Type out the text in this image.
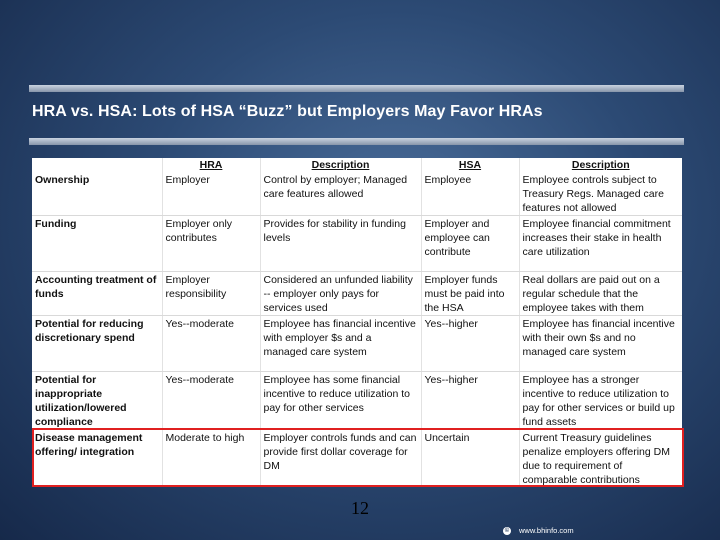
HRA vs. HSA: Lots of HSA “Buzz” but Employers May Favor HRAs
	HRA	Description	HSA	Description
Ownership	Employer	Control by employer; Managed care features allowed	Employee	Employee controls subject to Treasury Regs. Managed care features not allowed
Funding	Employer only contributes	Provides for stability in funding levels	Employer and employee can contribute	Employee financial commitment increases their stake in health care utilization
Accounting treatment of funds	Employer responsibility	Considered an unfunded liability -- employer only pays for services used	Employer funds must be paid into the HSA	Real dollars are paid out on a regular schedule that the employee takes with them
Potential for reducing discretionary spend	Yes--moderate	Employee has financial incentive with employer $s and a managed care system	Yes--higher	Employee has financial incentive with their own $s and no managed care system
Potential for inappropriate utilization/lowered compliance	Yes--moderate	Employee has some financial incentive to reduce utilization to pay for other services	Yes--higher	Employee has a stronger incentive to reduce utilization to pay for other services or build up fund assets
Disease management offering/ integration	Moderate to high	Employer controls funds and can provide first dollar coverage for DM	Uncertain	Current Treasury guidelines penalize employers offering DM due to requirement of comparable contributions
12
© www.bhinfo.com
